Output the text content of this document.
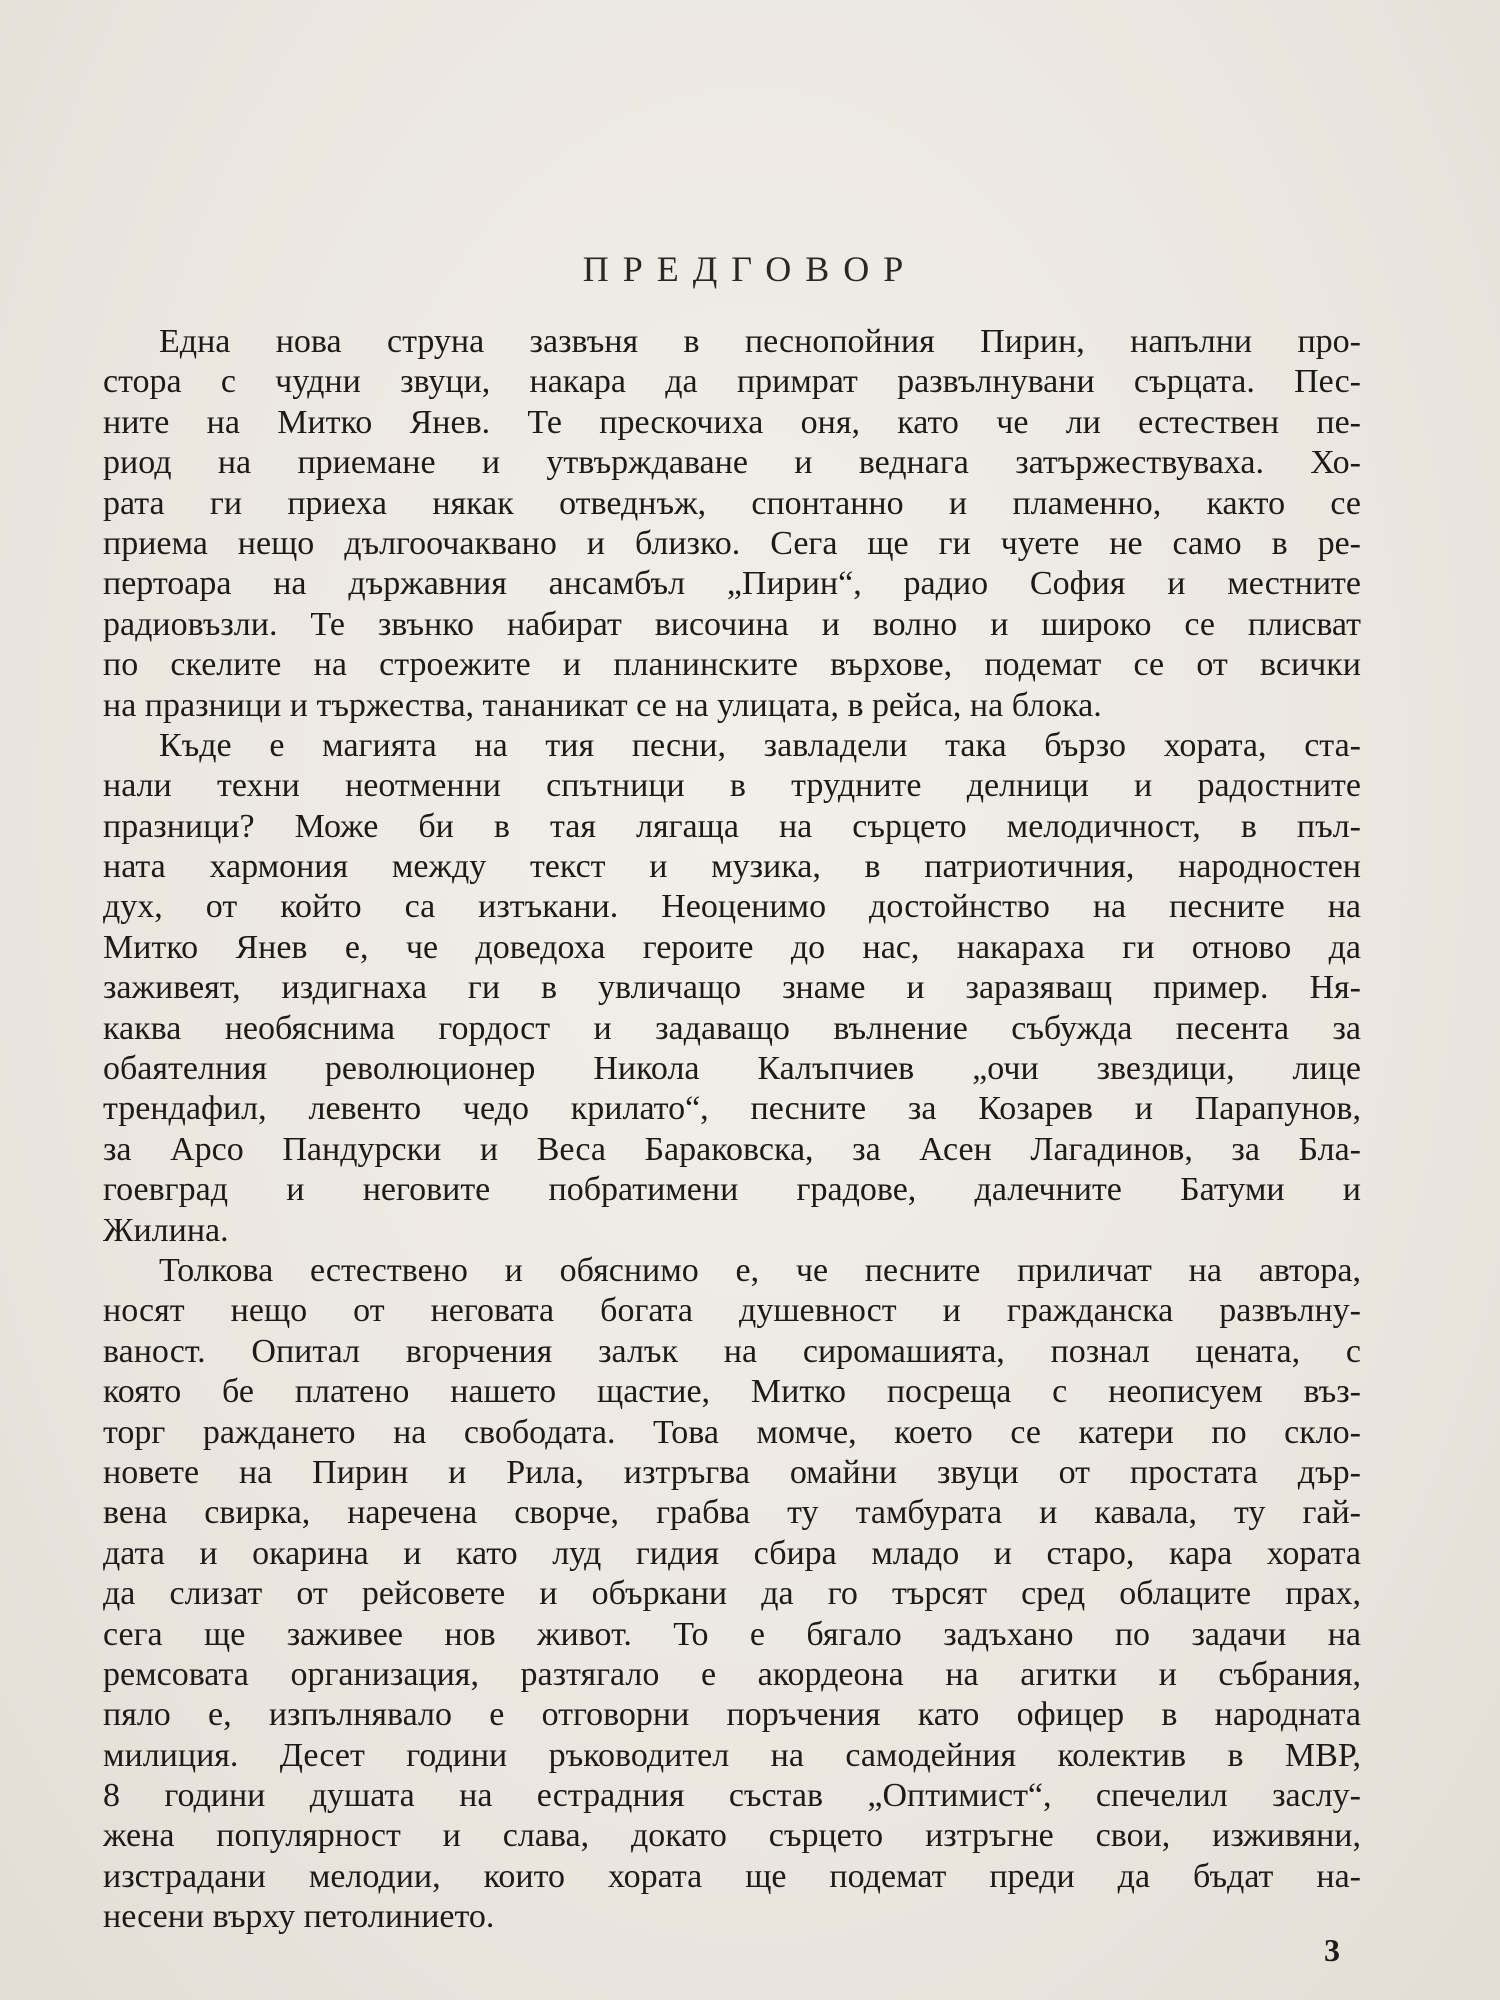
ПРЕДГОВОР
Една нова струна зазвъня в песнопойния Пирин, напълни про-
стора с чудни звуци, накара да примрат развълнувани сърцата. Пес-
ните на Митко Янев. Те прескочиха оня, като че ли естествен пе-
риод на приемане и утвърждаване и веднага затържествуваха. Хо-
рата ги приеха някак отведнъж, спонтанно и пламенно, както се
приема нещо дългоочаквано и близко. Сега ще ги чуете не само в ре-
пертоара на държавния ансамбъл „Пирин“, радио София и местните
радиовъзли. Те звънко набират височина и волно и широко се плисват
по скелите на строежите и планинските върхове, подемат се от всички
на празници и тържества, тананикат се на улицата, в рейса, на блока.
Къде е магията на тия песни, завладели така бързо хората, ста-
нали техни неотменни спътници в трудните делници и радостните
празници? Може би в тая лягаща на сърцето мелодичност, в пъл-
ната хармония между текст и музика, в патриотичния, народностен
дух, от който са изтъкани. Неоценимо достойнство на песните на
Митко Янев е, че доведоха героите до нас, накараха ги отново да
заживеят, издигнаха ги в увличащо знаме и заразяващ пример. Ня-
каква необяснима гордост и задаващо вълнение събужда песента за
обаятелния революционер Никола Калъпчиев „очи звездици, лице
трендафил, левенто чедо крилато“, песните за Козарев и Парапунов,
за Арсо Пандурски и Веса Бараковска, за Асен Лагадинов, за Бла-
гоевград и неговите побратимени градове, далечните Батуми и
Жилина.
Толкова естествено и обяснимо е, че песните приличат на автора,
носят нещо от неговата богата душевност и гражданска развълну-
ваност. Опитал вгорчения залък на сиромашията, познал цената, с
която бе платено нашето щастие, Митко посреща с неописуем въз-
торг раждането на свободата. Това момче, което се катери по скло-
новете на Пирин и Рила, изтръгва омайни звуци от простата дър-
вена свирка, наречена сворче, грабва ту тамбурата и кавала, ту гай-
дата и окарина и като луд гидия сбира младо и старо, кара хората
да слизат от рейсовете и объркани да го търсят сред облаците прах,
сега ще заживее нов живот. То е бягало задъхано по задачи на
ремсовата организация, разтягало е акордеона на агитки и събрания,
пяло е, изпълнявало е отговорни поръчения като офицер в народната
милиция. Десет години ръководител на самодейния колектив в МВР,
8 години душата на естрадния състав „Оптимист“, спечелил заслу-
жена популярност и слава, докато сърцето изтръгне свои, изживяни,
изстрадани мелодии, които хората ще подемат преди да бъдат на-
несени върху петолинието.
3
